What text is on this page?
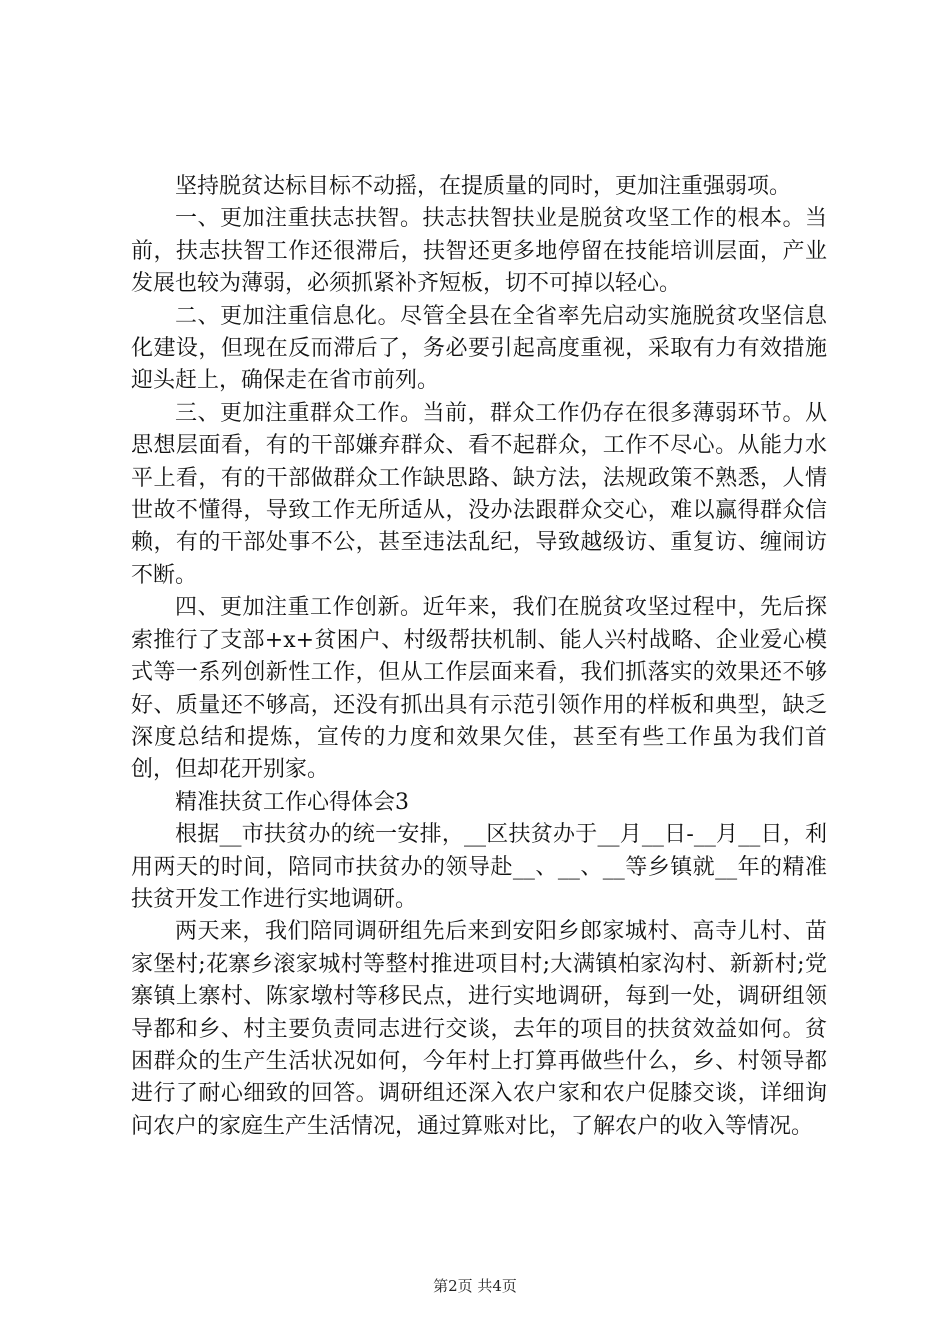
坚持脱贫达标目标不动摇，在提质量的同时，更加注重强弱项。

一、更加注重扶志扶智。扶志扶智扶业是脱贫攻坚工作的根本。当前，扶志扶智工作还很滞后，扶智还更多地停留在技能培训层面，产业发展也较为薄弱，必须抓紧补齐短板，切不可掉以轻心。

二、更加注重信息化。尽管全县在全省率先启动实施脱贫攻坚信息化建设，但现在反而滞后了，务必要引起高度重视，采取有力有效措施迎头赶上，确保走在省市前列。

三、更加注重群众工作。当前，群众工作仍存在很多薄弱环节。从思想层面看，有的干部嫌弃群众、看不起群众，工作不尽心。从能力水平上看，有的干部做群众工作缺思路、缺方法，法规政策不熟悉，人情世故不懂得，导致工作无所适从，没办法跟群众交心，难以赢得群众信赖，有的干部处事不公，甚至违法乱纪，导致越级访、重复访、缠闹访不断。

四、更加注重工作创新。近年来，我们在脱贫攻坚过程中，先后探索推行了支部+x+贫困户、村级帮扶机制、能人兴村战略、企业爱心模式等一系列创新性工作，但从工作层面来看，我们抓落实的效果还不够好、质量还不够高，还没有抓出具有示范引领作用的样板和典型，缺乏深度总结和提炼，宣传的力度和效果欠佳，甚至有些工作虽为我们首创，但却花开别家。

精准扶贫工作心得体会3

根据__市扶贫办的统一安排，__区扶贫办于__月__日-__月__日，利用两天的时间，陪同市扶贫办的领导赴__、__、__等乡镇就__年的精准扶贫开发工作进行实地调研。

两天来，我们陪同调研组先后来到安阳乡郎家城村、高寺儿村、苗家堡村;花寨乡滚家城村等整村推进项目村;大满镇柏家沟村、新新村;党寨镇上寨村、陈家墩村等移民点，进行实地调研，每到一处，调研组领导都和乡、村主要负责同志进行交谈，去年的项目的扶贫效益如何。贫困群众的生产生活状况如何，今年村上打算再做些什么，乡、村领导都进行了耐心细致的回答。调研组还深入农户家和农户促膝交谈，详细询问农户的家庭生产生活情况，通过算账对比，了解农户的收入等情况。

第2页 共4页
